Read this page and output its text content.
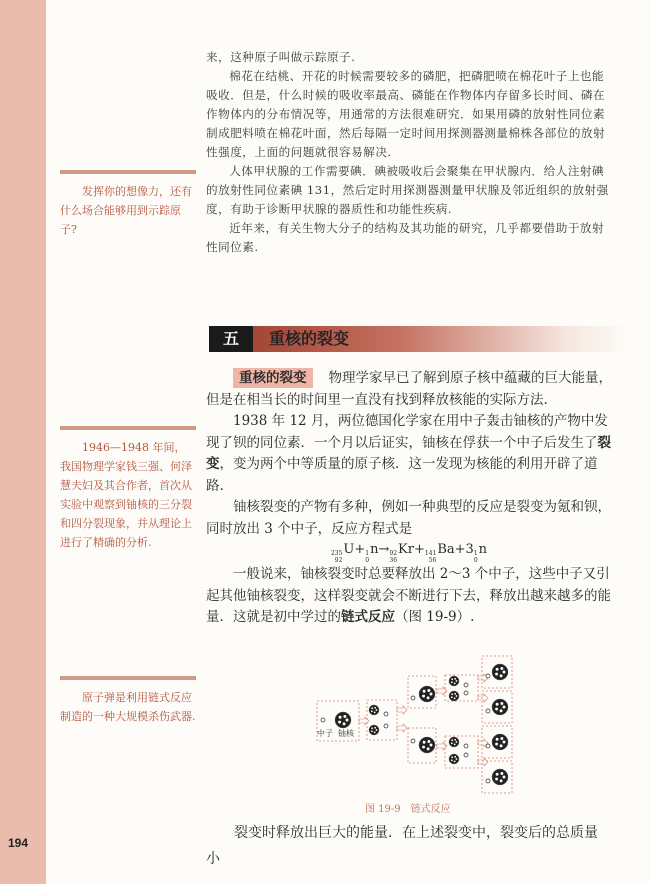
194

来，这种原子叫做示踪原子.

棉花在结桃、开花的时候需要较多的磷肥，把磷肥喷在棉花叶子上也能吸收．但是，什么时候的吸收率最高、磷能在作物体内存留多长时间、磷在作物体内的分布情况等，用通常的方法很难研究．如果用磷的放射性同位素制成肥料喷在棉花叶面，然后每隔一定时间用探测器测量棉株各部位的放射性强度，上面的问题就很容易解决.

人体甲状腺的工作需要碘．碘被吸收后会聚集在甲状腺内．给人注射碘的放射性同位素碘 131，然后定时用探测器测量甲状腺及邻近组织的放射强度，有助于诊断甲状腺的器质性和功能性疾病.

近年来，有关生物大分子的结构及其功能的研究，几乎都要借助于放射性同位素.

发挥你的想像力，还有什么场合能够用到示踪原子?

1946—1948 年间，我国物理学家钱三强、何泽慧夫妇及其合作者，首次从实验中观察到铀核的三分裂和四分裂现象，并从理论上进行了精确的分析.

原子弹是利用链式反应制造的一种大规模杀伤武器.

五	重核的裂变

重核的裂变 物理学家早已了解到原子核中蕴藏的巨大能量，但是在相当长的时间里一直没有找到释放核能的实际方法.

1938 年 12 月，两位德国化学家在用中子轰击铀核的产物中发现了钡的同位素．一个月以后证实，铀核在俘获一个中子后发生了裂变，变为两个中等质量的原子核．这一发现为核能的利用开辟了道路.

铀核裂变的产物有多种，例如一种典型的反应是裂变为氪和钡，同时放出 3 个中子，反应方程式是

235
92
U+ 1
0
n→ 92
36
Kr+ 141
56
Ba+3 1
0
n

一般说来，铀核裂变时总要释放出 2～3 个中子，这些中子又引起其他铀核裂变，这样裂变就会不断进行下去，释放出越来越多的能量．这就是初中学过的链式反应（图 19-9）.

中子 铀核
图 19-9　链式反应

裂变时释放出巨大的能量．在上述裂变中，裂变后的总质量小
